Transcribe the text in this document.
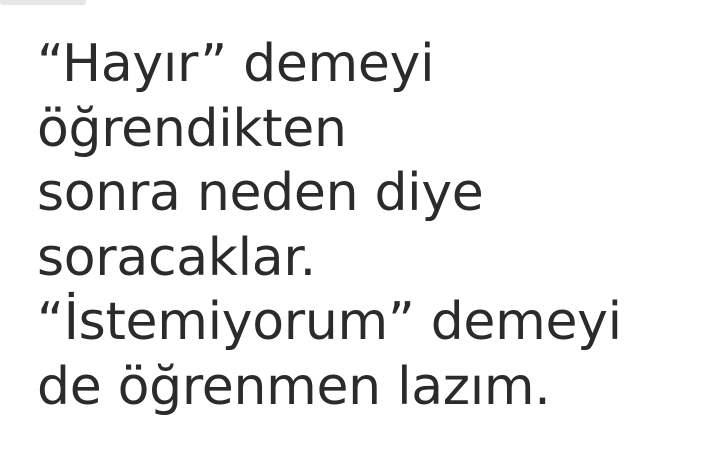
“Hayır” demeyi
öğrendikten
sonra neden diye
soracaklar.
“İstemiyorum” demeyi
de öğrenmen lazım.
